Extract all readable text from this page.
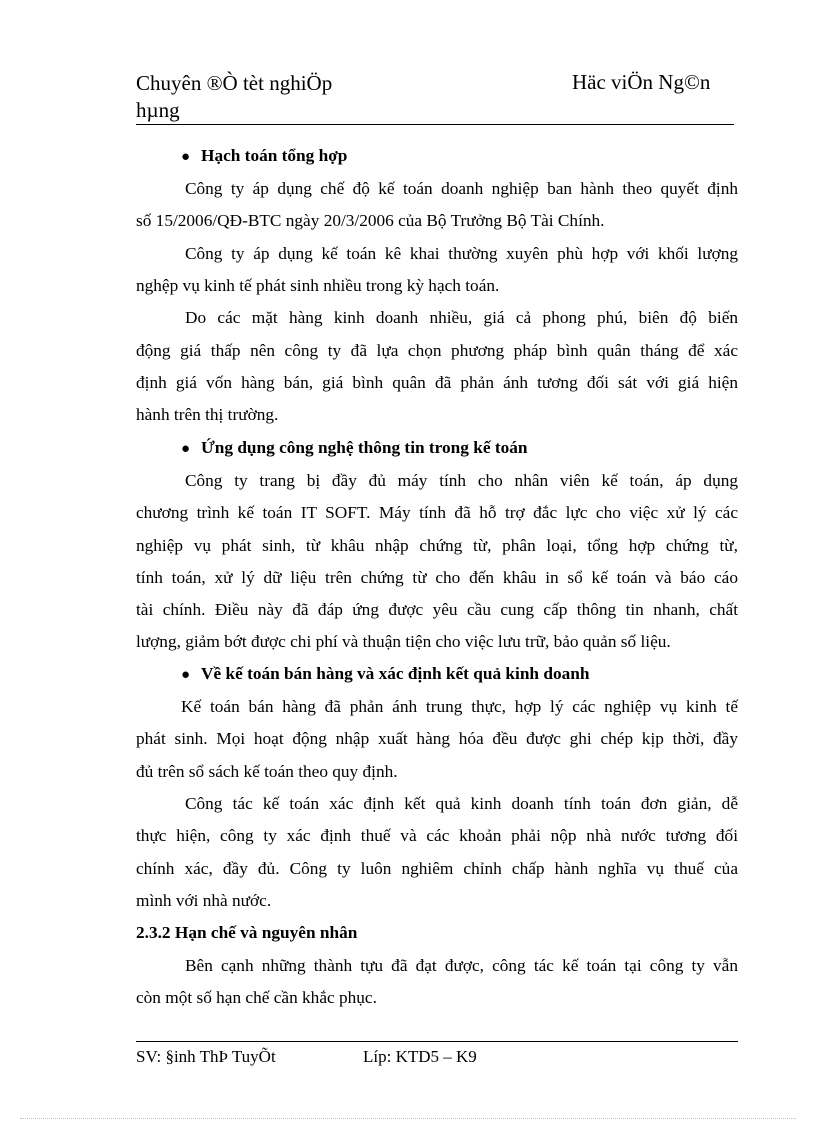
Chuyên ®Ò tèt nghiÖp
hµng
Häc viÖn Ng©n
● Hạch toán tổng hợp
Công ty áp dụng chế độ kế toán doanh nghiệp ban hành theo quyết định
số 15/2006/QĐ-BTC ngày 20/3/2006 của Bộ Trưởng Bộ Tài Chính.
Công ty áp dụng kế toán kê khai thường xuyên phù hợp với khối lượng
nghệp vụ kinh tế phát sinh nhiều trong kỳ hạch toán.
Do các mặt hàng kinh doanh nhiều, giá cả phong phú, biên độ biến
động giá thấp nên công ty đã lựa chọn phương pháp bình quân tháng để xác
định giá vốn hàng bán, giá bình quân đã phản ánh tương đối sát với giá hiện
hành trên thị trường.
● Ứng dụng công nghệ thông tin trong kế toán
Công ty trang bị đầy đủ máy tính cho nhân viên kế toán, áp dụng
chương trình kế toán IT SOFT. Máy tính đã hỗ trợ đắc lực cho việc xử lý các
nghiệp vụ phát sinh, từ khâu nhập chứng từ, phân loại, tổng hợp chứng từ,
tính toán, xử lý dữ liệu trên chứng từ cho đến khâu in sổ kế toán và báo cáo
tài chính. Điều này đã đáp ứng được yêu cầu cung cấp thông tin nhanh, chất
lượng, giảm bớt được chi phí và thuận tiện cho việc lưu trữ, bảo quản số liệu.
● Về kế toán bán hàng và xác định kết quả kinh doanh
Kế toán bán hàng đã phản ánh trung thực, hợp lý các nghiệp vụ kinh tế
phát sinh. Mọi hoạt động nhập xuất hàng hóa đều được ghi chép kịp thời, đầy
đủ trên sổ sách kế toán theo quy định.
Công tác kế toán xác định kết quả kinh doanh tính toán đơn giản, dễ
thực hiện, công ty xác định thuế và các khoản phải nộp nhà nước tương đối
chính xác, đầy đủ. Công ty luôn nghiêm chỉnh chấp hành nghĩa vụ thuế của
mình với nhà nước.
2.3.2 Hạn chế và nguyên nhân
Bên cạnh những thành tựu đã đạt được, công tác kế toán tại công ty vẫn
còn một số hạn chế cần khắc phục.
SV: §inh ThÞ TuyÕt	Líp: KTD5 – K9
